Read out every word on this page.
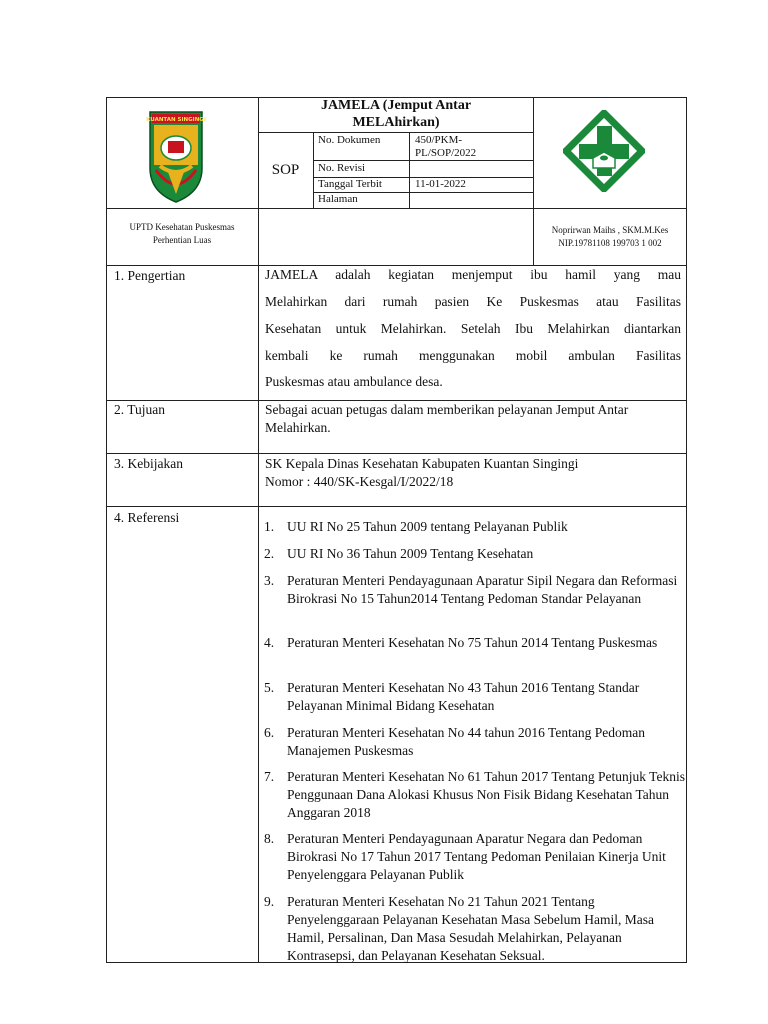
KUANTAN SINGINGI
JAMELA (Jemput Antar
MELAhirkan)
SOP
No. Dokumen	450/PKM-
PL/SOP/2022
No. Revisi
Tanggal Terbit	11-01-2022
Halaman
UPTD Kesehatan Puskesmas
Perhentian Luas
Noprirwan Maihs , SKM.M.Kes
NIP.19781108 199703 1 002
1. Pengertian	JAMELA adalah kegiatan menjemput ibu hamil yang mau
Melahirkan dari rumah pasien Ke Puskesmas atau Fasilitas
Kesehatan untuk Melahirkan. Setelah Ibu Melahirkan diantarkan
kembali ke rumah menggunakan mobil ambulan Fasilitas
Puskesmas atau ambulance desa.
2. Tujuan	Sebagai acuan petugas dalam memberikan pelayanan Jemput Antar
Melahirkan.
3. Kebijakan	SK Kepala Dinas Kesehatan Kabupaten Kuantan Singingi
Nomor : 440/SK-Kesgal/I/2022/18
4. Referensi
1. UU RI No 25 Tahun 2009 tentang Pelayanan Publik
2. UU RI No 36 Tahun 2009 Tentang Kesehatan
3. Peraturan Menteri Pendayagunaan Aparatur Sipil Negara dan Reformasi Birokrasi No 15 Tahun2014 Tentang Pedoman Standar Pelayanan
4. Peraturan Menteri Kesehatan No 75 Tahun 2014 Tentang Puskesmas
5. Peraturan Menteri Kesehatan No 43 Tahun 2016 Tentang Standar Pelayanan Minimal Bidang Kesehatan
6. Peraturan Menteri Kesehatan No 44 tahun 2016 Tentang Pedoman Manajemen Puskesmas
7. Peraturan Menteri Kesehatan No 61 Tahun 2017 Tentang Petunjuk Teknis Penggunaan Dana Alokasi Khusus Non Fisik Bidang Kesehatan Tahun Anggaran 2018
8. Peraturan Menteri Pendayagunaan Aparatur Negara dan Pedoman Birokrasi No 17 Tahun 2017 Tentang Pedoman Penilaian Kinerja Unit Penyelenggara Pelayanan Publik
9. Peraturan Menteri Kesehatan No 21 Tahun 2021 Tentang Penyelenggaraan Pelayanan Kesehatan Masa Sebelum Hamil, Masa Hamil, Persalinan, Dan Masa Sesudah Melahirkan, Pelayanan Kontrasepsi, dan Pelayanan Kesehatan Seksual.
